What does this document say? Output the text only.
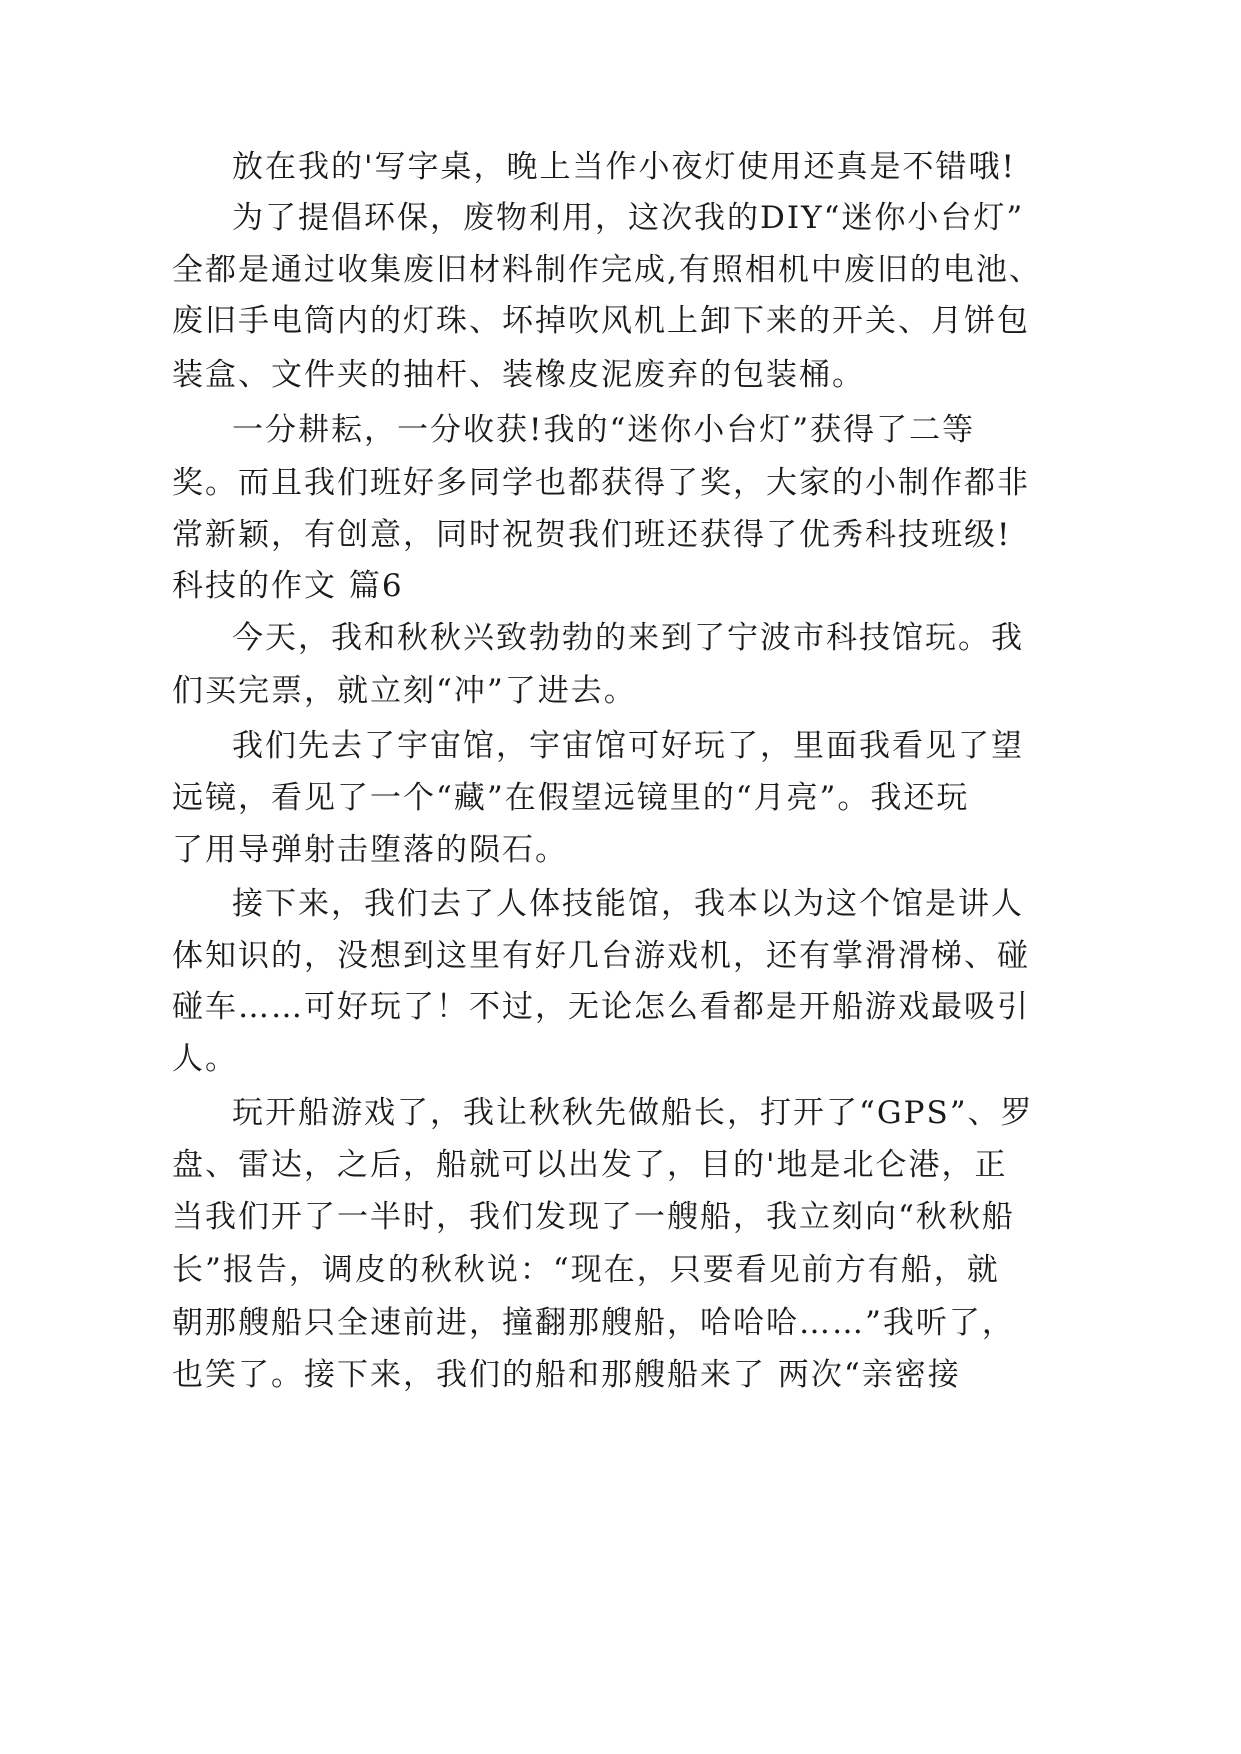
放在我的'写字桌，晚上当作小夜灯使用还真是不错哦!
为了提倡环保，废物利用，这次我的DIY“迷你小台灯”
全都是通过收集废旧材料制作完成,有照相机中废旧的电池、
废旧手电筒内的灯珠、坏掉吹风机上卸下来的开关、月饼包
装盒、文件夹的抽杆、装橡皮泥废弃的包装桶。
一分耕耘，一分收获!我的“迷你小台灯”获得了二等
奖。而且我们班好多同学也都获得了奖，大家的小制作都非
常新颖，有创意，同时祝贺我们班还获得了优秀科技班级!
科技的作文 篇6
今天，我和秋秋兴致勃勃的来到了宁波市科技馆玩。我
们买完票，就立刻“冲”了进去。
我们先去了宇宙馆，宇宙馆可好玩了，里面我看见了望
远镜，看见了一个“藏”在假望远镜里的“月亮”。我还玩
了用导弹射击堕落的陨石。
接下来，我们去了人体技能馆，我本以为这个馆是讲人
体知识的，没想到这里有好几台游戏机，还有掌滑滑梯、碰
碰车……可好玩了！不过，无论怎么看都是开船游戏最吸引
人。
玩开船游戏了，我让秋秋先做船长，打开了“GPS”、罗
盘、雷达，之后，船就可以出发了，目的'地是北仑港，正
当我们开了一半时，我们发现了一艘船，我立刻向“秋秋船
长”报告，调皮的秋秋说：“现在，只要看见前方有船，就
朝那艘船只全速前进，撞翻那艘船，哈哈哈……”我听了，
也笑了。接下来，我们的船和那艘船来了 两次“亲密接
